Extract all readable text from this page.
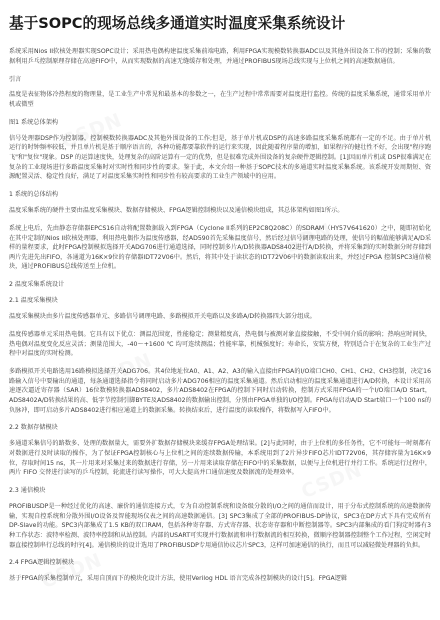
基于SOPC的现场总线多通道实时温度采集系统设计

系统采用Nios II软核处理器实现SOPC设计；采用热电偶构建温度采集前端电路，利用FPGA实现模数转换器ADC以及其他外围设备工作的控制；采集的数据利用乒乓控制原理存储在高速FIFO中，从而实现数据的高速无缝缓存和处理，并通过PROFIBUS现场总线实现与上位机之间的高速数据通信。

引言

温度是表征物体冷热程度的物理量，是工业生产中常见和最基本的参数之一，在生产过程中常常需要对温度进行监控。传统的温度采集系统，通常采用单片机或微型

图1 系统总体架构

信号处理器DSP作为控制器，控制模数转换器ADC及其他外围设备的工作;但是，基于单片机或DSP的高速多路温度采集系统都有一定的不足。由于单片机运行的时钟频率较低，并且单片机是基于顺序语言的，各种功能都要靠软件的运行来实现，因此随着程序量的增加，如果程序的健壮性不好，会出现"程序跑飞"和"复位"现象。DSP 的运算速度快，处理复杂的高阶运算有一定的优势，但是很难完成外围设备的复杂硬件逻辑控制。[1]因而单片机或 DSP很难满足在复杂的工业现场进行多路温度采集时对实时性和同步性的要求。鉴于此，本文介绍一种基于SOPC技术的多通道实时温度采集系统。该系统开发周期短、资源配置灵活、稳定性良好，满足了对温度采集实时性和同步性有较高要求的工业生产领域中的应用。

1 系统的总体结构

温度采集系统的硬件主要由温度采集模块、数据存储模块、FPGA逻辑控制模块以及通信模块组成，其总体架构如图1所示。

系统上电后，先由静态存储器EPCS16自动将配置数据载入到FPGA（Cyclone II系列的EP2C8Q208C）的SDRAM（HY57V641620）之中，随即初始化在其中定制的Nios II软核处理器，利用热电偶作为温度传感器，经AD590首先采集温度信号，然后经过信号调理电路的处理，使信号的幅值能够满足A/D采样的量程要求，此时FPGA控制模拟选择开关ADG706进行通道选择，同时控制多片A/D转换器ADS8402进行A/D转换，并将采集到的实时数据分时存储到两片先进先出FIFO，各通道为16K×9位的存储器IDT72V06中。然后，将其中处于读状态的IDT72V06中的数据读取出来，并经过FPGA 控制SPC3通信模块，通过PROFIBUS总线传送至上位机。

2 温度采集系统设计
2.1 温度采集模块

温度采集模块由多片温度传感器单元、多路信号调理电路、多路模拟开关电路以及多路A/D转换器四大部分组成。

温度传感器单元采用热电偶。它具有以下优点：测温范围宽，性能稳定；测量精度高，热电偶与被测对象直接接触，不受中间介质的影响；热响应时间快，热电偶对温度变化反应灵活；测量范围大，-40～+1600 ℃ 均可连续测温；性能牢靠，机械强度好；寿命长，安装方便，特别适合于在复杂的工业生产过程中对温度的实时检测。

多路模拟开关电路选用16路模拟选择开关ADG706。其4位地址位A0、A1、A2、A3的输入直接由FPGA的I/O端口CH0、CH1、CH2、CH3控制，决定16路输入信号中要输出的通道，每条通道选择指令将同时启动多片ADG706相应的温度采集通道。然后启动相应的温度采集通道进行A/D转换，本设计采用高速逐次逼近寄存器（SAR）16位数模转换器ADS8402，多片ADS8402在FPGA的控制下同时启动转换，控制方式采用FPGA的一个I/O端口A/D Start，ADS8402A/D转换结果的高、低字节控制引脚BYTE及ADS8402的数据输出控制，分别由FPGA单独的I/O控制。FPGA每启动A/D Start端口一个100 ns的负脉冲，即可启动多片ADS8402进行相应通道上的数据采集。转换结束后，进行温度的读取操作，将数据写入FIFO中。

2.2 数据存储模块

多通道采集信号的路数多、处理的数据量大，需要外扩数据存储模块来缓存FPGA处理结果。[2]与此同时，由于上位机的多任务性，它不可能每一时刻都有对数据进行及时读取的操作，为了保证FPGA控制核心与上位机之间的连续数据传输，本系统用到了2片异步FIFO芯片IDT72V06，其存储容量为16K×9位，存取时间15 ns，其一片用来对采集过来的数据进行存储，另一片用来读取存储在FIFO中的采集数据，以便与上位机进行并行工作。系统运行过程中，两片 FIFO 交替进行读写的乒乓控制，轮流进行读写操作，可大大提高并口通信速度及数据流的处理效率。

2.3 通信模块

PROFIBUSDP是一种经过优化的高速、廉价的通信连接方式，专为自动控制系统和设备级分散的I/O之间的通信而设计，用于分布式控制系统的高速数据传输，实现自控系统和分散外围I/O设备及智能现场仪表之间的高速数据通信。[3] SPC3集成了全部的PROFIBUS-DP协议，SPC3在DP方式下具有完成所有DP-Slave的功能。SPC3内部集成了1.5 KB的双口RAM，包括各种寄存器、方式寄存器、状态寄存器和中断控制器等。SPC3内部集成的看门狗定时器有3种工作状态：波特率检测、波特率控制和从站控制。内部的USART可实现并行数据流和串行数据流的相互转换，微顺序控制器控制整个工作过程，空闲定时器直接控制串行总线的时序[4]。通信模块的设计选用了PROFIBUSDP专用通信协议芯片SPC3，这样可加速通信的执行，而且可以减轻微处理器的负担。

2.4 FPGA逻辑控制模块

基于FPGA的采集控制单元，采用自顶而下的模块化设计方法，使用Verilog HDL 语言完成各控制模块的设计[5]。FPGA逻辑
